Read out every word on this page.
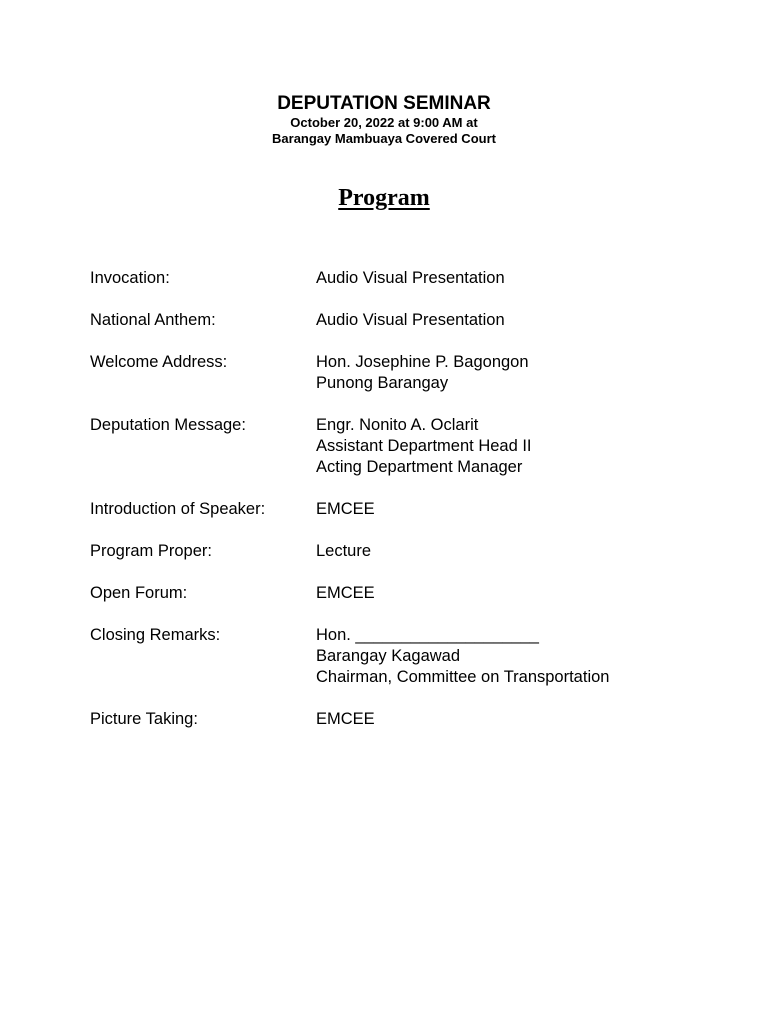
DEPUTATION SEMINAR

October 20, 2022 at 9:00 AM at

Barangay Mambuaya Covered Court

Program
Invocation:	Audio Visual Presentation
National Anthem:	Audio Visual Presentation
Welcome Address:	Hon. Josephine P. Bagongon
Punong Barangay
Deputation Message:	Engr. Nonito A. Oclarit
Assistant Department Head II
Acting Department Manager
Introduction of Speaker:	EMCEE
Program Proper:	Lecture
Open Forum:	EMCEE
Closing Remarks:	Hon. ____________________
Barangay Kagawad
Chairman, Committee on Transportation
Picture Taking:	EMCEE
